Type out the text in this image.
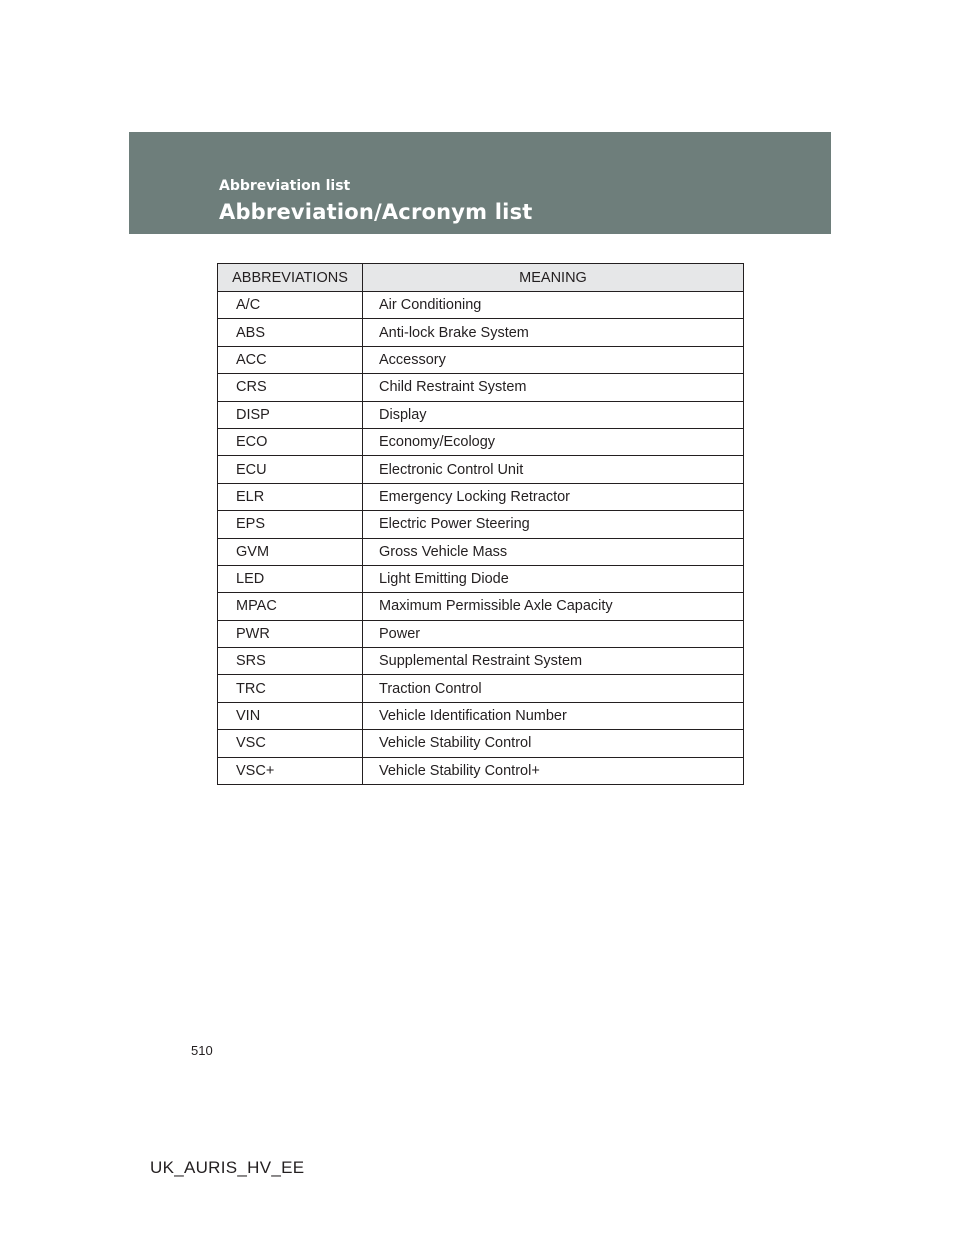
Abbreviation list
Abbreviation/Acronym list
ABBREVIATIONS	MEANING
A/C	Air Conditioning
ABS	Anti-lock Brake System
ACC	Accessory
CRS	Child Restraint System
DISP	Display
ECO	Economy/Ecology
ECU	Electronic Control Unit
ELR	Emergency Locking Retractor
EPS	Electric Power Steering
GVM	Gross Vehicle Mass
LED	Light Emitting Diode
MPAC	Maximum Permissible Axle Capacity
PWR	Power
SRS	Supplemental Restraint System
TRC	Traction Control
VIN	Vehicle Identification Number
VSC	Vehicle Stability Control
VSC+	Vehicle Stability Control+
510
UK_AURIS_HV_EE
